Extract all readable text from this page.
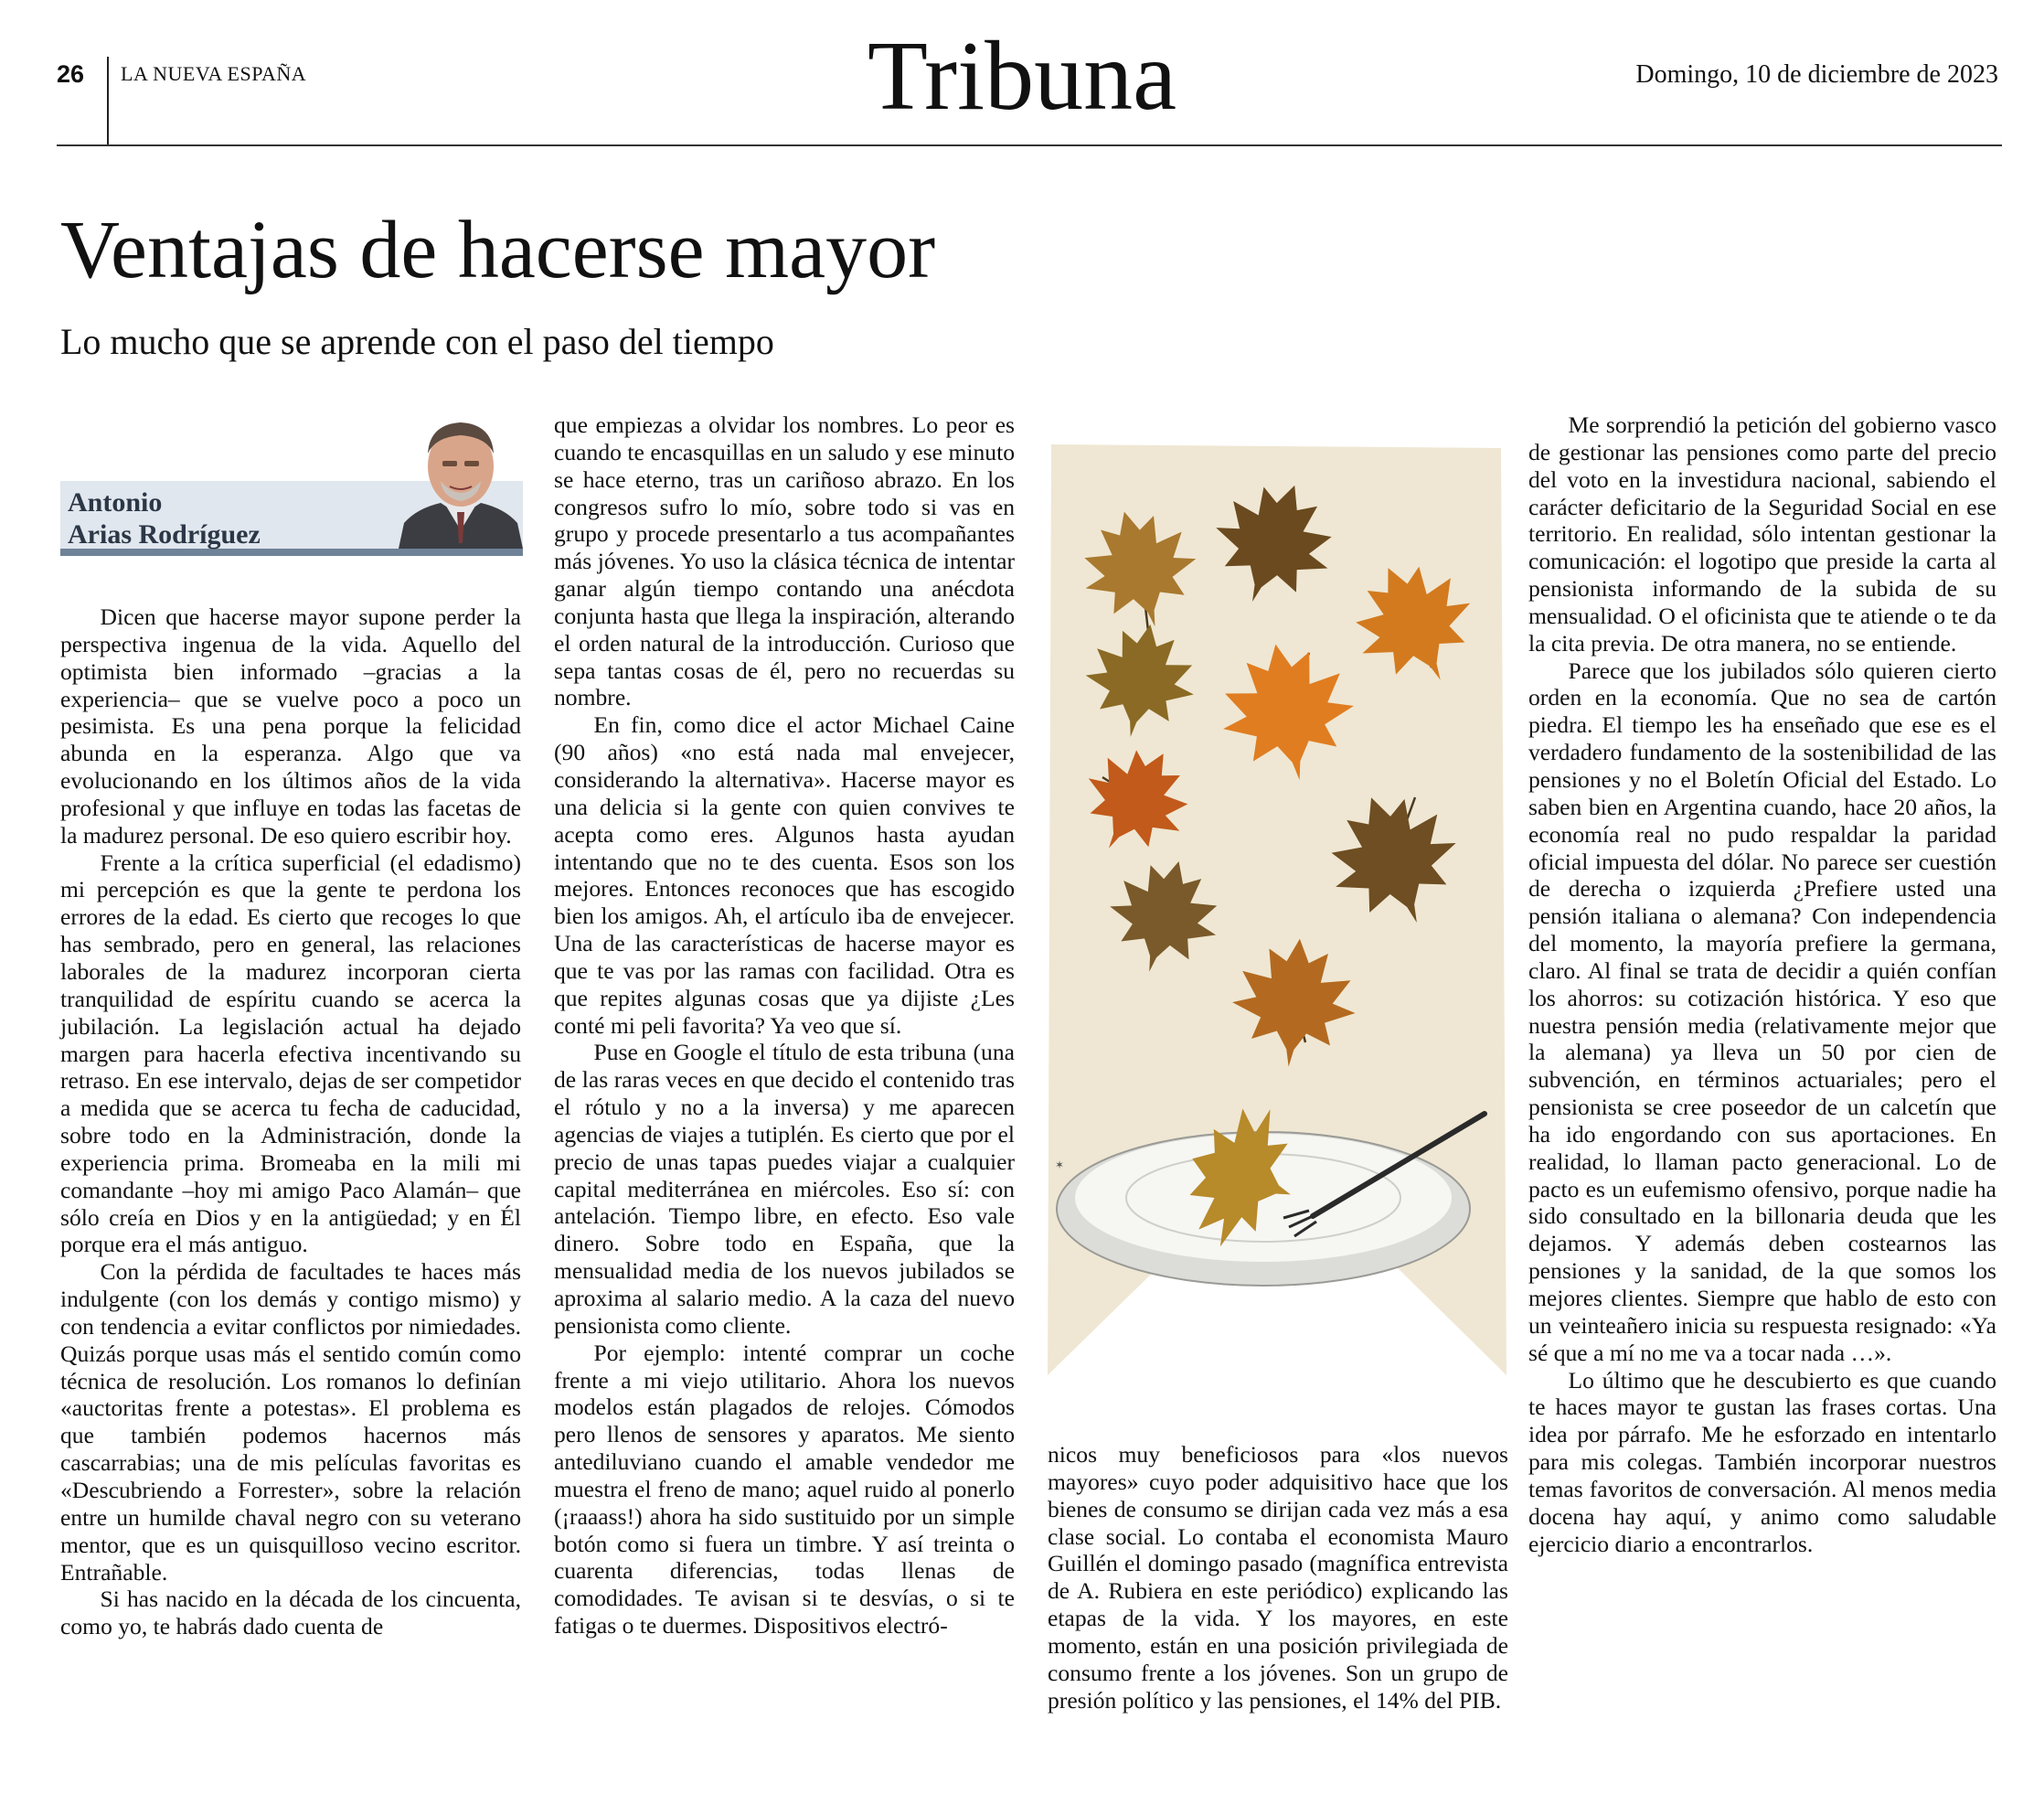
26 LA NUEVA ESPAÑA	Tribuna	Domingo, 10 de diciembre de 2023
Ventajas de hacerse mayor
Lo mucho que se aprende con el paso del tiempo
Antonio
Arias Rodríguez

Dicen que hacerse mayor supone perder la perspectiva ingenua de la vida. Aquello del optimista bien informado –gracias a la experiencia– que se vuelve poco a poco un pesimista. Es una pena porque la felicidad abunda en la esperanza. Algo que va evolucionando en los últimos años de la vida profesional y que influye en todas las facetas de la madurez personal. De eso quiero escribir hoy.

Frente a la crítica superficial (el edadismo) mi percepción es que la gente te perdona los errores de la edad. Es cierto que recoges lo que has sembrado, pero en general, las relaciones laborales de la madurez incorporan cierta tranquilidad de espíritu cuando se acerca la jubilación. La legislación actual ha dejado margen para hacerla efectiva incentivando su retraso. En ese intervalo, dejas de ser competidor a medida que se acerca tu fecha de caducidad, sobre todo en la Administración, donde la experiencia prima. Bromeaba en la mili mi comandante –hoy mi amigo Paco Alamán– que sólo creía en Dios y en la antigüedad; y en Él porque era el más antiguo.

Con la pérdida de facultades te haces más indulgente (con los demás y contigo mismo) y con tendencia a evitar conflictos por nimiedades. Quizás porque usas más el sentido común como técnica de resolución. Los romanos lo definían «auctoritas frente a potestas». El problema es que también podemos hacernos más cascarrabias; una de mis películas favoritas es «Descubriendo a Forrester», sobre la relación entre un humilde chaval negro con su veterano mentor, que es un quisquilloso vecino escritor. Entrañable.

Si has nacido en la década de los cincuenta, como yo, te habrás dado cuenta de

que empiezas a olvidar los nombres. Lo peor es cuando te encasquillas en un saludo y ese minuto se hace eterno, tras un cariñoso abrazo. En los congresos sufro lo mío, sobre todo si vas en grupo y procede presentarlo a tus acompañantes más jóvenes. Yo uso la clásica técnica de intentar ganar algún tiempo contando una anécdota conjunta hasta que llega la inspiración, alterando el orden natural de la introducción. Curioso que sepa tantas cosas de él, pero no recuerdas su nombre.

En fin, como dice el actor Michael Caine (90 años) «no está nada mal envejecer, considerando la alternativa». Hacerse mayor es una delicia si la gente con quien convives te acepta como eres. Algunos hasta ayudan intentando que no te des cuenta. Esos son los mejores. Entonces reconoces que has escogido bien los amigos. Ah, el artículo iba de envejecer. Una de las características de hacerse mayor es que te vas por las ramas con facilidad. Otra es que repites algunas cosas que ya dijiste ¿Les conté mi peli favorita? Ya veo que sí.

Puse en Google el título de esta tribuna (una de las raras veces en que decido el contenido tras el rótulo y no a la inversa) y me aparecen agencias de viajes a tutiplén. Es cierto que por el precio de unas tapas puedes viajar a cualquier capital mediterránea en miércoles. Eso sí: con antelación. Tiempo libre, en efecto. Eso vale dinero. Sobre todo en España, que la mensualidad media de los nuevos jubilados se aproxima al salario medio. A la caza del nuevo pensionista como cliente.

Por ejemplo: intenté comprar un coche frente a mi viejo utilitario. Ahora los nuevos modelos están plagados de relojes. Cómodos pero llenos de sensores y aparatos. Me siento antediluviano cuando el amable vendedor me muestra el freno de mano; aquel ruido al ponerlo (¡raaass!) ahora ha sido sustituido por un simple botón como si fuera un timbre. Y así treinta o cuarenta diferencias, todas llenas de comodidades. Te avisan si te desvías, o si te fatigas o te duermes. Dispositivos electró-

✶

nicos muy beneficiosos para «los nuevos mayores» cuyo poder adquisitivo hace que los bienes de consumo se dirijan cada vez más a esa clase social. Lo contaba el economista Mauro Guillén el domingo pasado (magnífica entrevista de A. Rubiera en este periódico) explicando las etapas de la vida. Y los mayores, en este momento, están en una posición privilegiada de consumo frente a los jóvenes. Son un grupo de presión político y las pensiones, el 14% del PIB.

Me sorprendió la petición del gobierno vasco de gestionar las pensiones como parte del precio del voto en la investidura nacional, sabiendo el carácter deficitario de la Seguridad Social en ese territorio. En realidad, sólo intentan gestionar la comunicación: el logotipo que preside la carta al pensionista informando de la subida de su mensualidad. O el oficinista que te atiende o te da la cita previa. De otra manera, no se entiende.

Parece que los jubilados sólo quieren cierto orden en la economía. Que no sea de cartón piedra. El tiempo les ha enseñado que ese es el verdadero fundamento de la sostenibilidad de las pensiones y no el Boletín Oficial del Estado. Lo saben bien en Argentina cuando, hace 20 años, la economía real no pudo respaldar la paridad oficial impuesta del dólar. No parece ser cuestión de derecha o izquierda ¿Prefiere usted una pensión italiana o alemana? Con independencia del momento, la mayoría prefiere la germana, claro. Al final se trata de decidir a quién confían los ahorros: su cotización histórica. Y eso que nuestra pensión media (relativamente mejor que la alemana) ya lleva un 50 por cien de subvención, en términos actuariales; pero el pensionista se cree poseedor de un calcetín que ha ido engordando con sus aportaciones. En realidad, lo llaman pacto generacional. Lo de pacto es un eufemismo ofensivo, porque nadie ha sido consultado en la billonaria deuda que les dejamos. Y además deben costearnos las pensiones y la sanidad, de la que somos los mejores clientes. Siempre que hablo de esto con un veinteañero inicia su respuesta resignado: «Ya sé que a mí no me va a tocar nada …».

Lo último que he descubierto es que cuando te haces mayor te gustan las frases cortas. Una idea por párrafo. Me he esforzado en intentarlo para mis colegas. También incorporar nuestros temas favoritos de conversación. Al menos media docena hay aquí, y animo como saludable ejercicio diario a encontrarlos.
